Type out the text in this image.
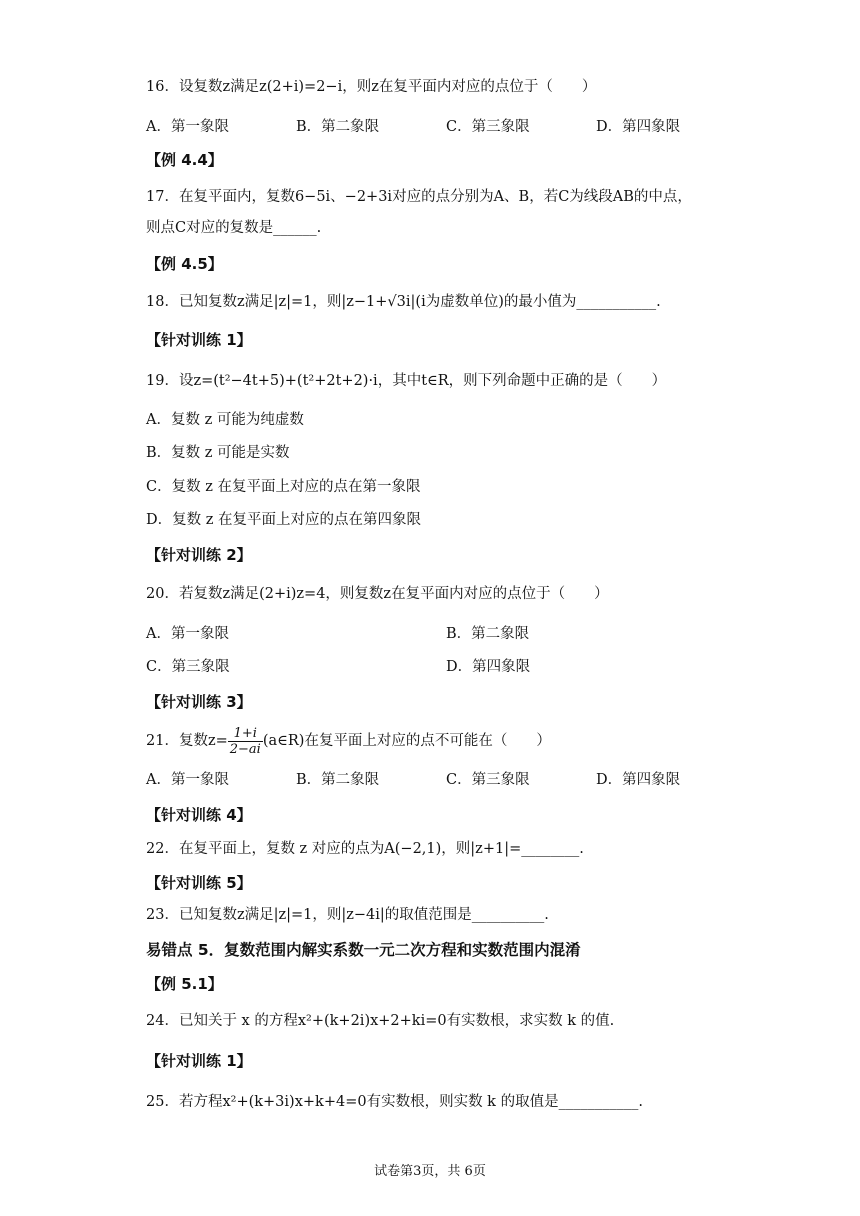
16．设复数z满足z(2+i)=2−i，则z在复平面内对应的点位于（　　）
A．第一象限	B．第二象限	C．第三象限	D．第四象限
【例 4.4】
17．在复平面内，复数6−5i、−2+3i对应的点分别为A、B，若C为线段AB的中点，
则点C对应的复数是______.
【例 4.5】
18．已知复数z满足|z|=1，则|z−1+√3i|(i为虚数单位)的最小值为___________.
【针对训练 1】
19．设z=(t²−4t+5)+(t²+2t+2)·i，其中t∈R，则下列命题中正确的是（　　）
A．复数 z 可能为纯虚数
B．复数 z 可能是实数
C．复数 z 在复平面上对应的点在第一象限
D．复数 z 在复平面上对应的点在第四象限
【针对训练 2】
20．若复数z满足(2+i)z=4，则复数z在复平面内对应的点位于（　　）
A．第一象限	B．第二象限
C．第三象限	D．第四象限
【针对训练 3】
21．复数$z= \frac{1+i}{2-ai}$ (a∈R)在复平面上对应的点不可能在（　　）
A．第一象限	B．第二象限	C．第三象限	D．第四象限
【针对训练 4】
22．在复平面上，复数 z 对应的点为A(−2,1)，则|z+1|=________.
【针对训练 5】
23．已知复数z满足|z|=1，则|z−4i|的取值范围是__________.
易错点 5．复数范围内解实系数一元二次方程和实数范围内混淆
【例 5.1】
24．已知关于 x 的方程x²+(k+2i)x+2+ki=0有实数根，求实数 k 的值.
【针对训练 1】
25．若方程x²+(k+3i)x+k+4=0有实数根，则实数 k 的取值是___________.
试卷第3页，共 6页
